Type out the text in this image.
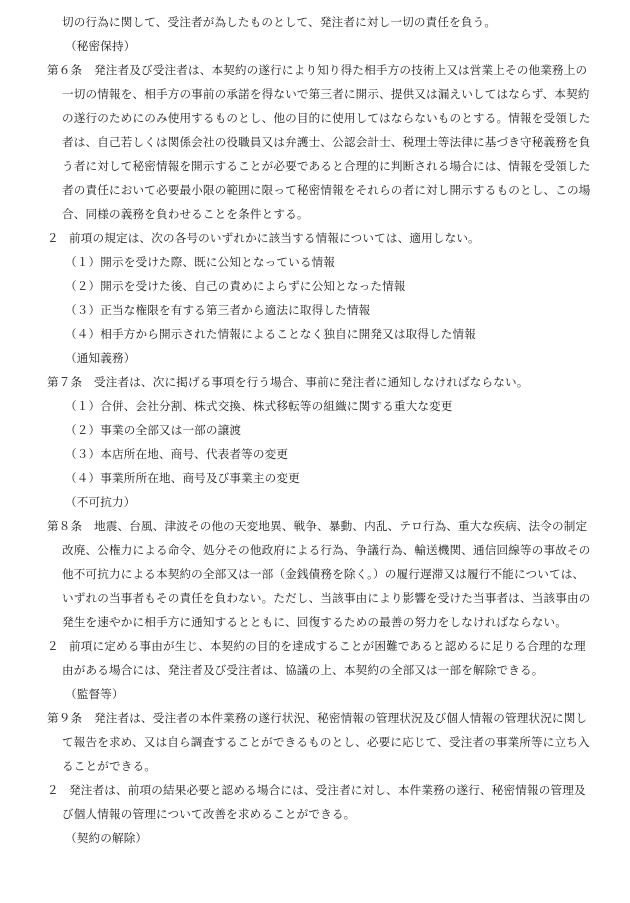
切の行為に関して、受注者が為したものとして、発注者に対し一切の責任を負う。
（秘密保持）
第６条 発注者及び受注者は、本契約の遂行により知り得た相手方の技術上又は営業上その他業務上の
一切の情報を、相手方の事前の承諾を得ないで第三者に開示、提供又は漏えいしてはならず、本契約
の遂行のためにのみ使用するものとし、他の目的に使用してはならないものとする。情報を受領した
者は、自己若しくは関係会社の役職員又は弁護士、公認会計士、税理士等法律に基づき守秘義務を負
う者に対して秘密情報を開示することが必要であると合理的に判断される場合には、情報を受領した
者の責任において必要最小限の範囲に限って秘密情報をそれらの者に対し開示するものとし、この場
合、同様の義務を負わせることを条件とする。
２ 前項の規定は、次の各号のいずれかに該当する情報については、適用しない。
（１）開示を受けた際、既に公知となっている情報
（２）開示を受けた後、自己の責めによらずに公知となった情報
（３）正当な権限を有する第三者から適法に取得した情報
（４）相手方から開示された情報によることなく独自に開発又は取得した情報
（通知義務）
第７条 受注者は、次に掲げる事項を行う場合、事前に発注者に通知しなければならない。
（１）合併、会社分割、株式交換、株式移転等の組織に関する重大な変更
（２）事業の全部又は一部の譲渡
（３）本店所在地、商号、代表者等の変更
（４）事業所所在地、商号及び事業主の変更
（不可抗力）
第８条 地震、台風、津波その他の天変地異、戦争、暴動、内乱、テロ行為、重大な疾病、法令の制定
改廃、公権力による命令、処分その他政府による行為、争議行為、輸送機関、通信回線等の事故その
他不可抗力による本契約の全部又は一部（金銭債務を除く。）の履行遅滞又は履行不能については、
いずれの当事者もその責任を負わない。ただし、当該事由により影響を受けた当事者は、当該事由の
発生を速やかに相手方に通知するとともに、回復するための最善の努力をしなければならない。
２ 前項に定める事由が生じ、本契約の目的を達成することが困難であると認めるに足りる合理的な理
由がある場合には、発注者及び受注者は、協議の上、本契約の全部又は一部を解除できる。
（監督等）
第９条 発注者は、受注者の本件業務の遂行状況、秘密情報の管理状況及び個人情報の管理状況に関し
て報告を求め、又は自ら調査することができるものとし、必要に応じて、受注者の事業所等に立ち入
ることができる。
２ 発注者は、前項の結果必要と認める場合には、受注者に対し、本件業務の遂行、秘密情報の管理及
び個人情報の管理について改善を求めることができる。
（契約の解除）
